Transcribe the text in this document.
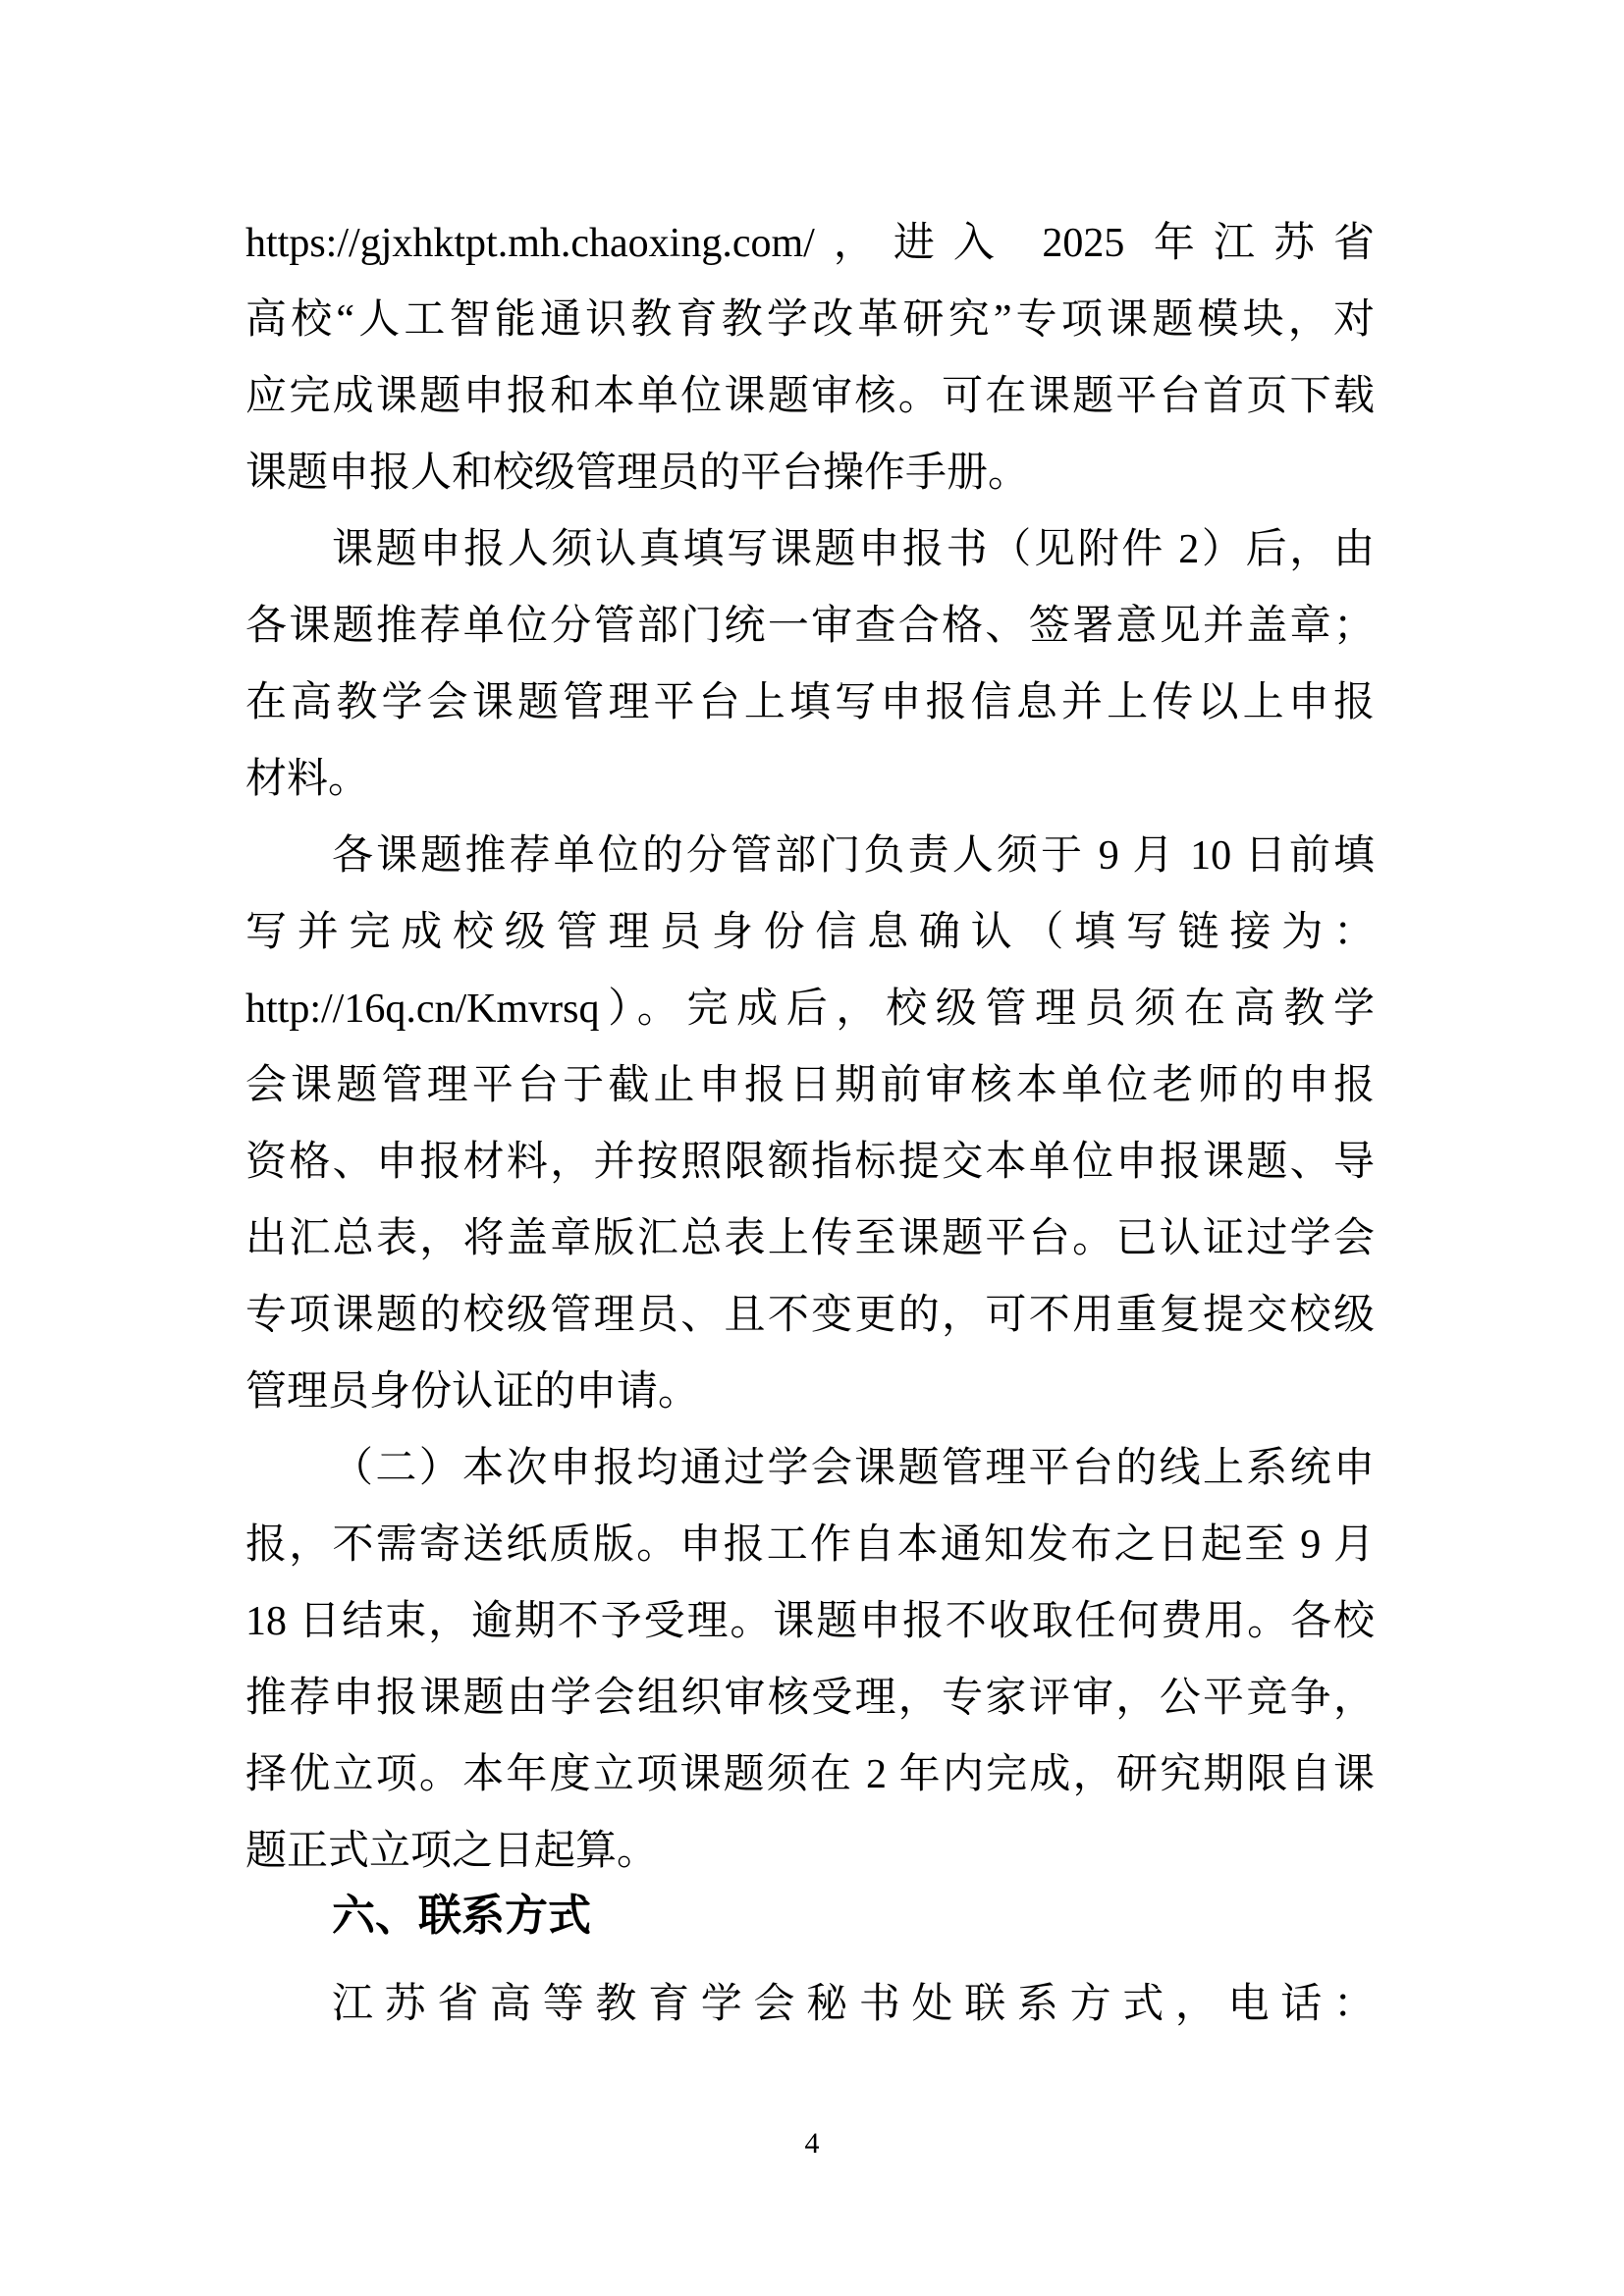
https://gjxhktpt.mh.chaoxing.com/，进入 2025 年江苏省
高校“人工智能通识教育教学改革研究”专项课题模块，对
应完成课题申报和本单位课题审核。可在课题平台首页下载
课题申报人和校级管理员的平台操作手册。
课题申报人须认真填写课题申报书（见附件 2）后，由
各课题推荐单位分管部门统一审查合格、签署意见并盖章；
在高教学会课题管理平台上填写申报信息并上传以上申报
材料。
各课题推荐单位的分管部门负责人须于 9 月 10 日前填
写并完成校级管理员身份信息确认（填写链接为：
http://16q.cn/Kmvrsq）。完成后，校级管理员须在高教学
会课题管理平台于截止申报日期前审核本单位老师的申报
资格、申报材料，并按照限额指标提交本单位申报课题、导
出汇总表，将盖章版汇总表上传至课题平台。已认证过学会
专项课题的校级管理员、且不变更的，可不用重复提交校级
管理员身份认证的申请。
（二）本次申报均通过学会课题管理平台的线上系统申
报，不需寄送纸质版。申报工作自本通知发布之日起至 9 月
18 日结束，逾期不予受理。课题申报不收取任何费用。各校
推荐申报课题由学会组织审核受理，专家评审，公平竞争，
择优立项。本年度立项课题须在 2 年内完成，研究期限自课
题正式立项之日起算。
六、联系方式
江苏省高等教育学会秘书处联系方式，电话：
4
